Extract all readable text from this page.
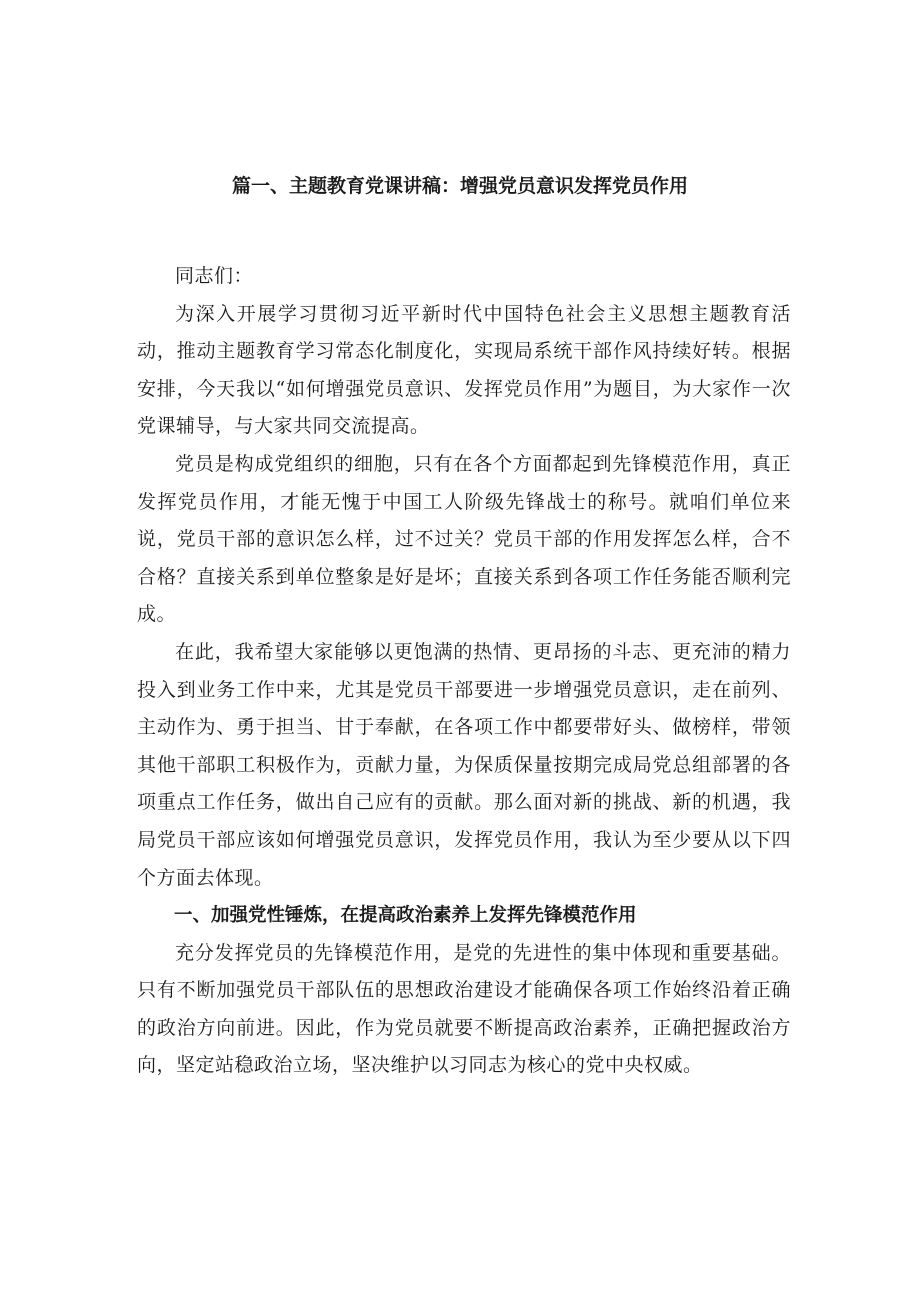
篇一、主题教育党课讲稿：增强党员意识发挥党员作用

同志们：

为深入开展学习贯彻习近平新时代中国特色社会主义思想主题教育活动，推动主题教育学习常态化制度化，实现局系统干部作风持续好转。根据安排，今天我以“如何增强党员意识、发挥党员作用”为题目，为大家作一次党课辅导，与大家共同交流提高。

党员是构成党组织的细胞，只有在各个方面都起到先锋模范作用，真正发挥党员作用，才能无愧于中国工人阶级先锋战士的称号。就咱们单位来说，党员干部的意识怎么样，过不过关？党员干部的作用发挥怎么样，合不合格？直接关系到单位整象是好是坏；直接关系到各项工作任务能否顺利完成。

在此，我希望大家能够以更饱满的热情、更昂扬的斗志、更充沛的精力投入到业务工作中来，尤其是党员干部要进一步增强党员意识，走在前列、主动作为、勇于担当、甘于奉献，在各项工作中都要带好头、做榜样，带领其他干部职工积极作为，贡献力量，为保质保量按期完成局党总组部署的各项重点工作任务，做出自己应有的贡献。那么面对新的挑战、新的机遇，我局党员干部应该如何增强党员意识，发挥党员作用，我认为至少要从以下四个方面去体现。

一、加强党性锤炼，在提高政治素养上发挥先锋模范作用

充分发挥党员的先锋模范作用，是党的先进性的集中体现和重要基础。只有不断加强党员干部队伍的思想政治建设才能确保各项工作始终沿着正确的政治方向前进。因此，作为党员就要不断提高政治素养，正确把握政治方向，坚定站稳政治立场，坚决维护以习同志为核心的党中央权威。
